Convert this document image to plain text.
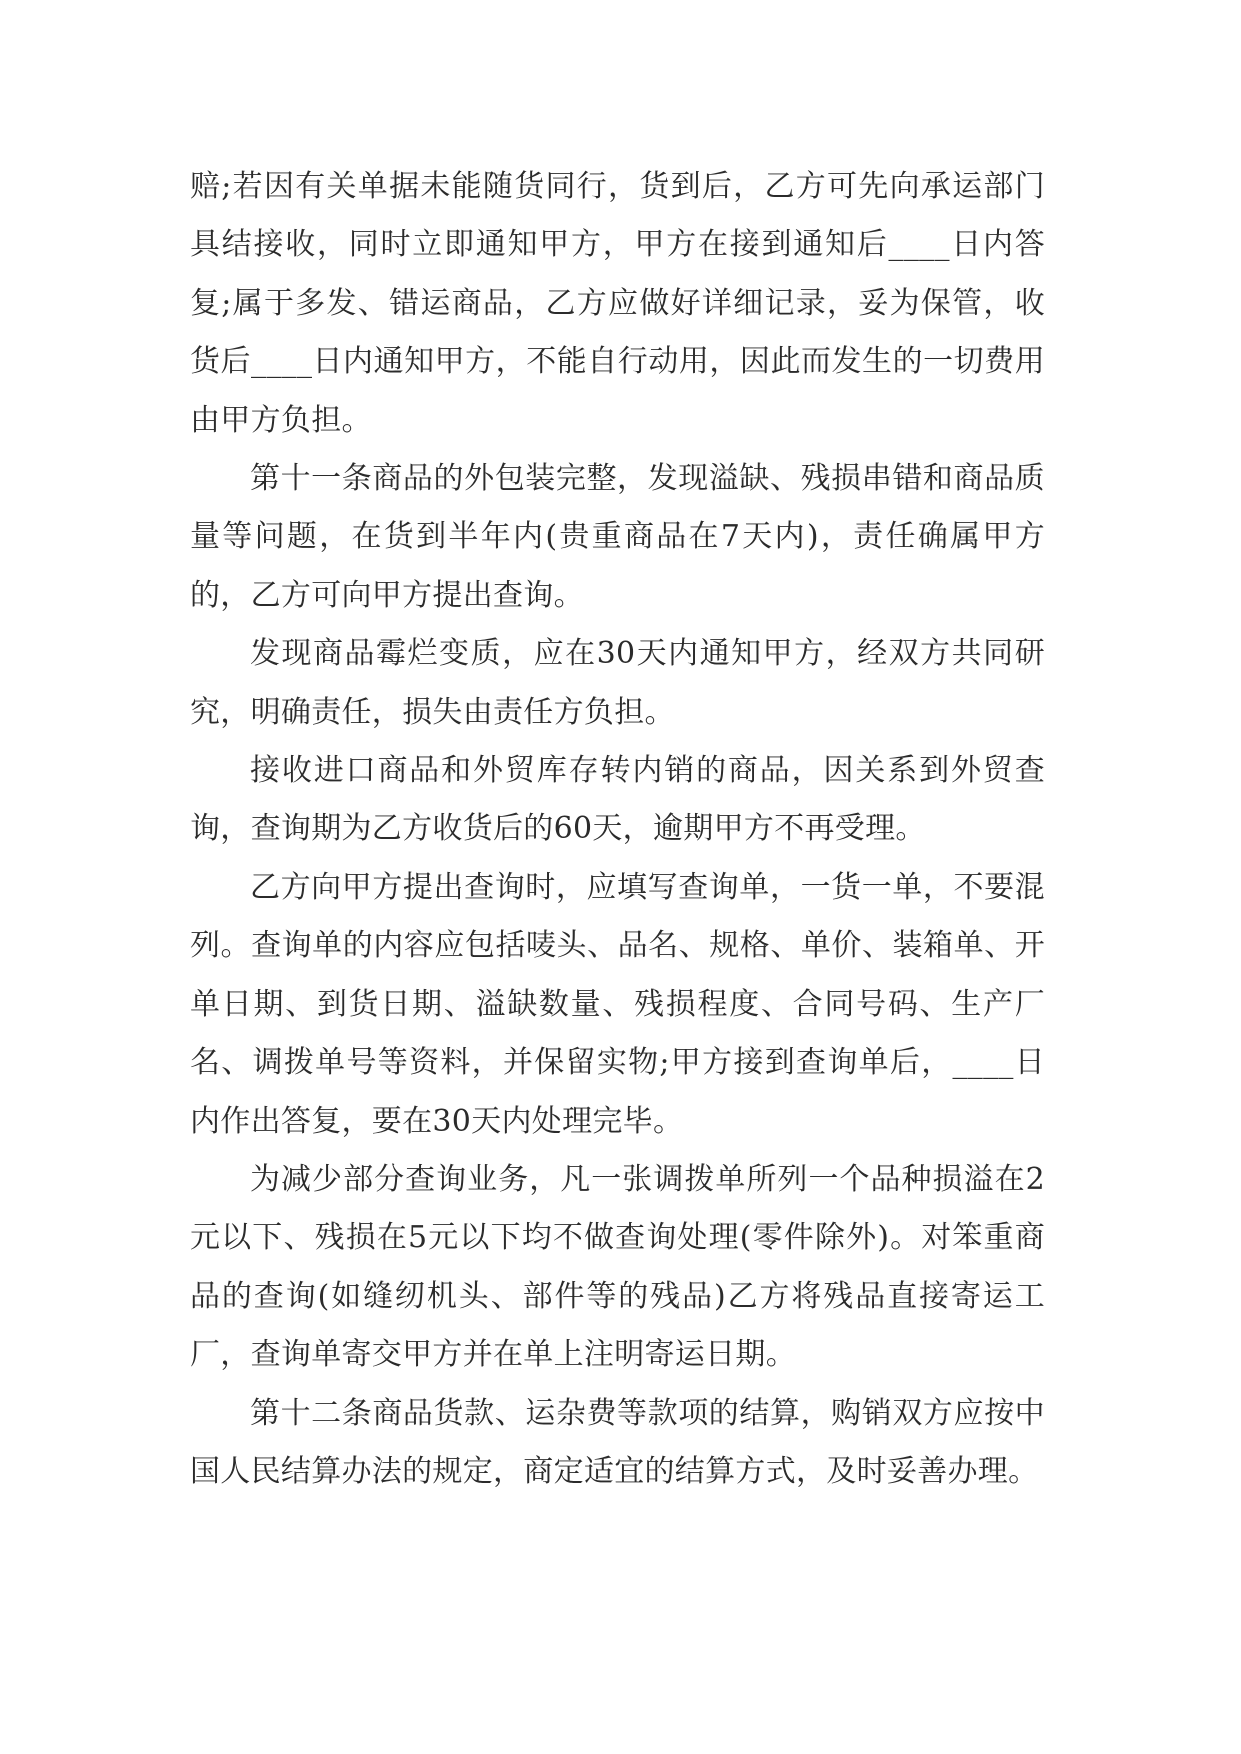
赔;若因有关单据未能随货同行，货到后，乙方可先向承运部门具结接收，同时立即通知甲方，甲方在接到通知后____日内答复;属于多发、错运商品，乙方应做好详细记录，妥为保管，收货后____日内通知甲方，不能自行动用，因此而发生的一切费用由甲方负担。

第十一条商品的外包装完整，发现溢缺、残损串错和商品质量等问题，在货到半年内(贵重商品在7天内)，责任确属甲方的，乙方可向甲方提出查询。

发现商品霉烂变质，应在30天内通知甲方，经双方共同研究，明确责任，损失由责任方负担。

接收进口商品和外贸库存转内销的商品，因关系到外贸查询，查询期为乙方收货后的60天，逾期甲方不再受理。

乙方向甲方提出查询时，应填写查询单，一货一单，不要混列。查询单的内容应包括唛头、品名、规格、单价、装箱单、开单日期、到货日期、溢缺数量、残损程度、合同号码、生产厂名、调拨单号等资料，并保留实物;甲方接到查询单后，____日内作出答复，要在30天内处理完毕。

为减少部分查询业务，凡一张调拨单所列一个品种损溢在2元以下、残损在5元以下均不做查询处理(零件除外)。对笨重商品的查询(如缝纫机头、部件等的残品)乙方将残品直接寄运工厂，查询单寄交甲方并在单上注明寄运日期。

第十二条商品货款、运杂费等款项的结算，购销双方应按中国人民结算办法的规定，商定适宜的结算方式，及时妥善办理。
